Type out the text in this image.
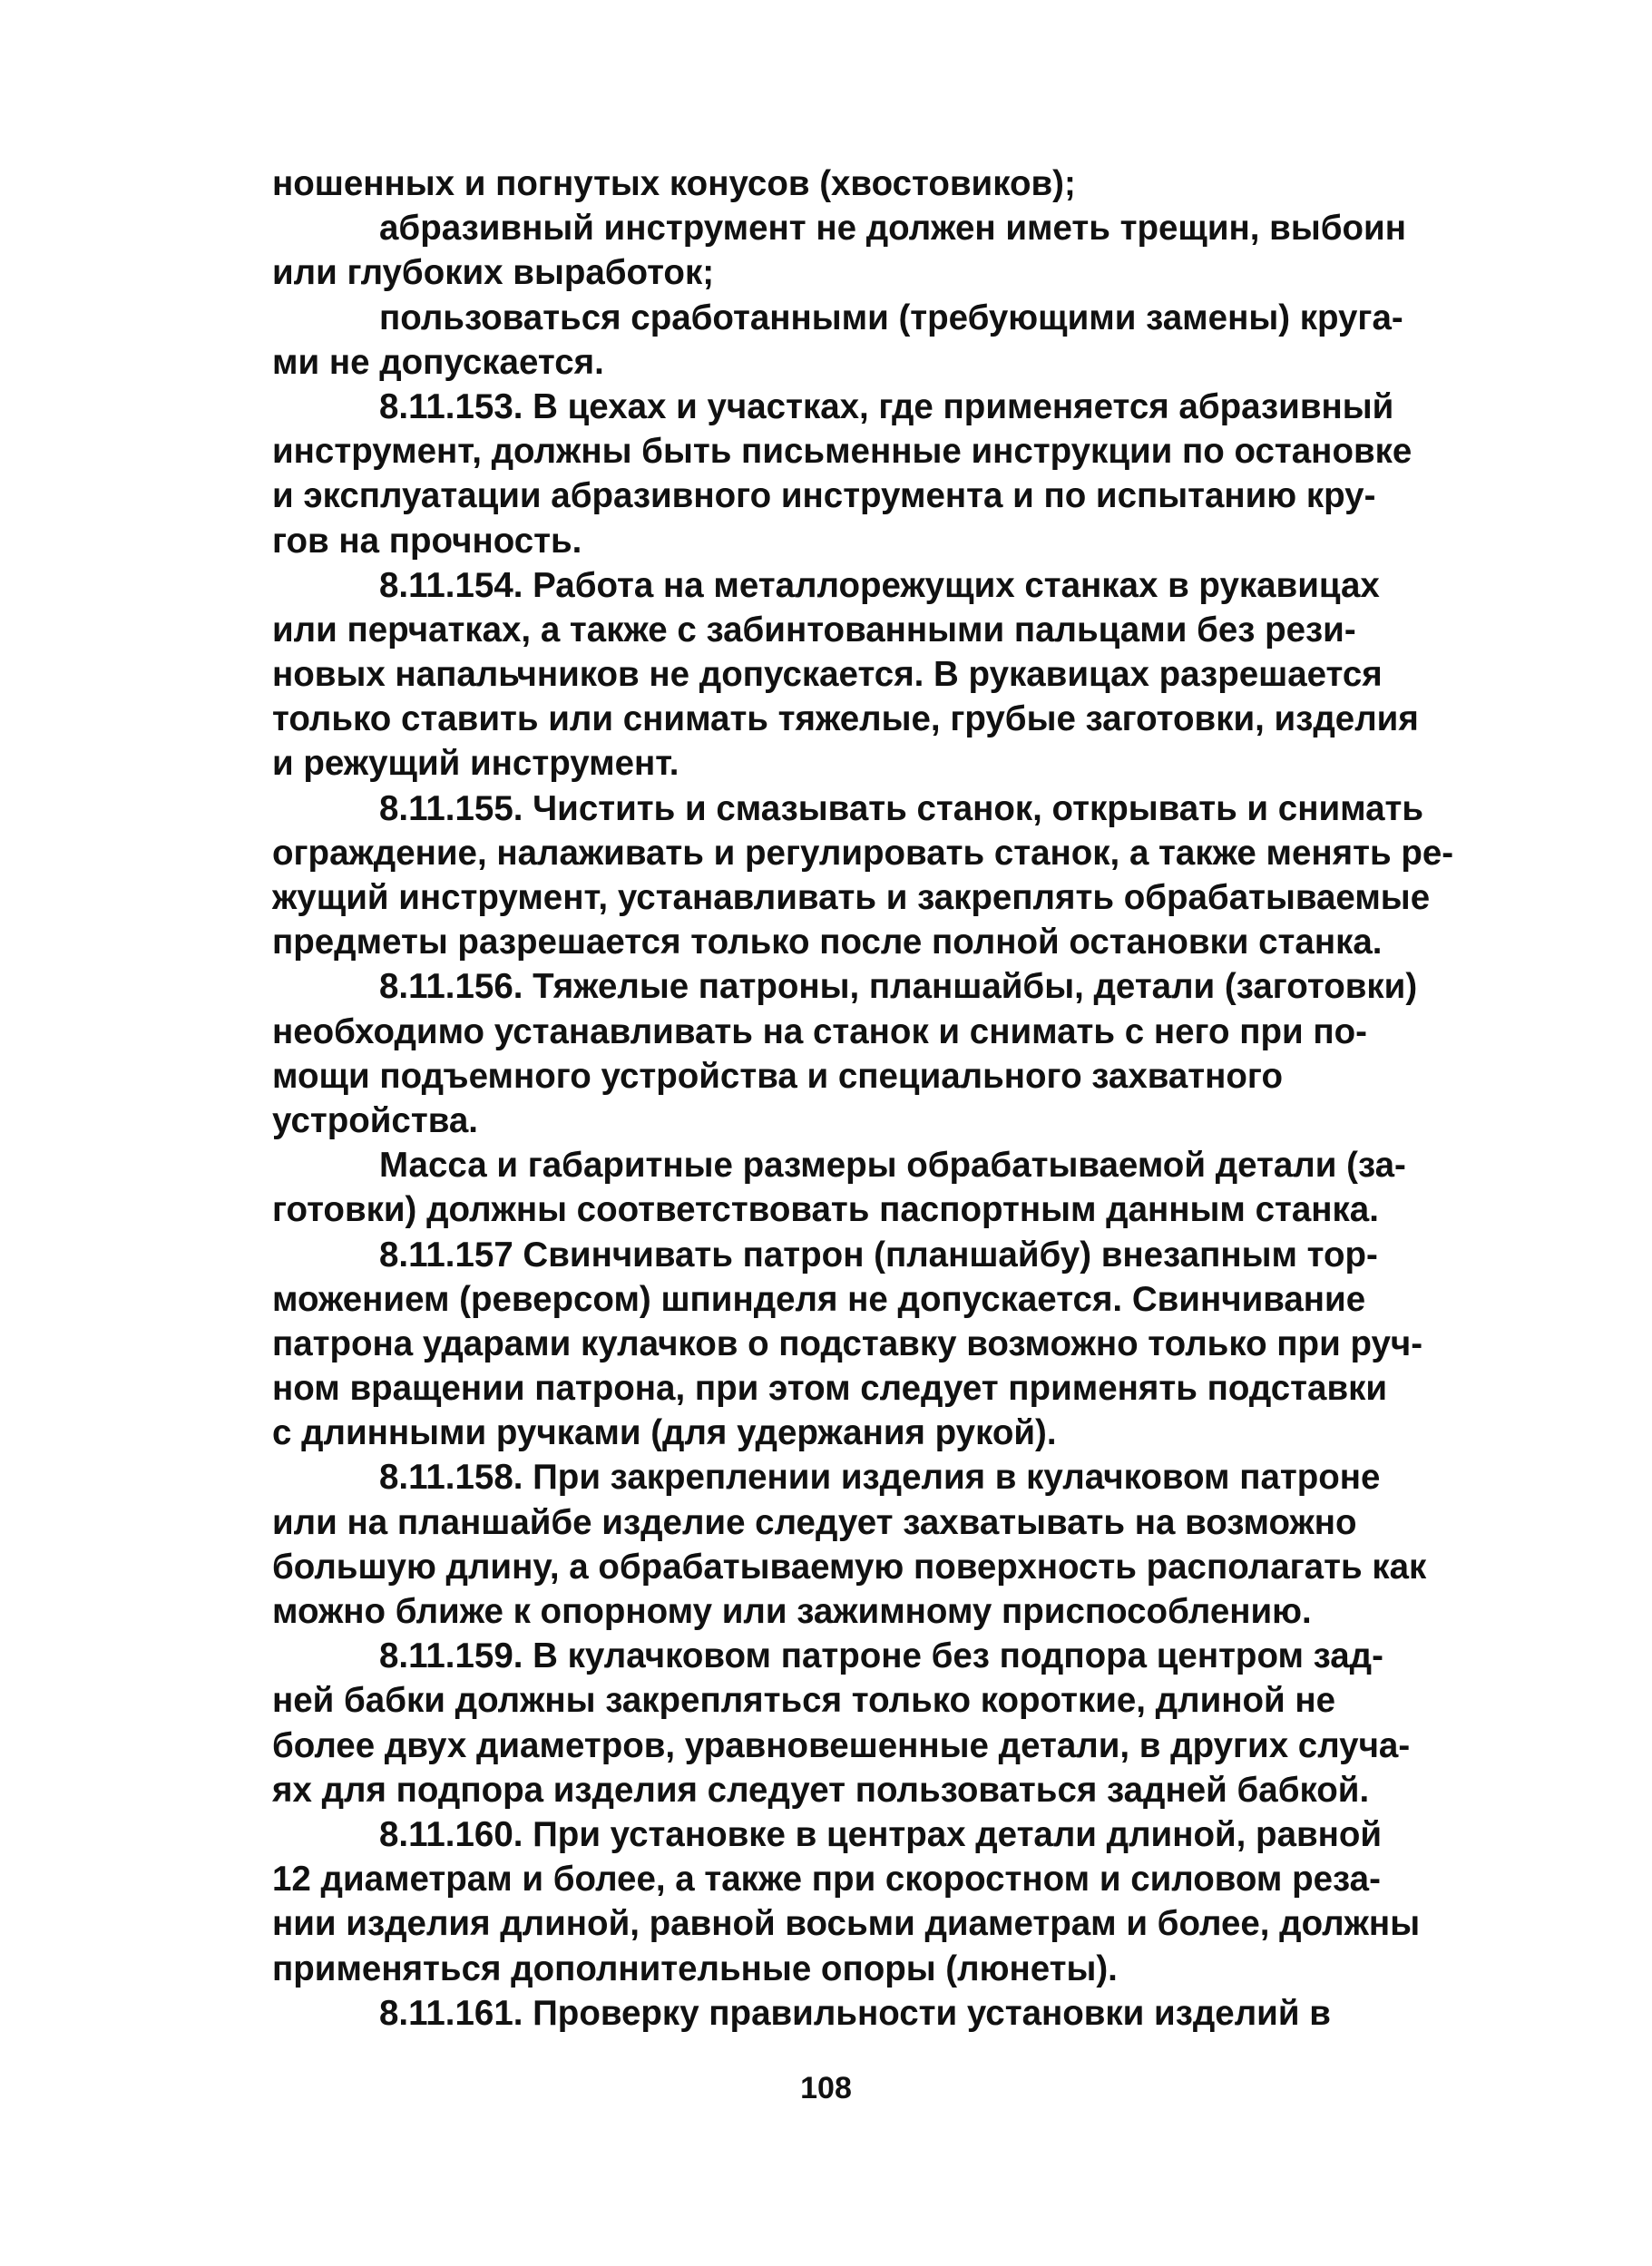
ношенных и погнутых конусов (хвостовиков);
абразивный инструмент не должен иметь трещин, выбоин
или глубоких выработок;
пользоваться сработанными (требующими замены) круга-
ми не допускается.
8.11.153. В цехах и участках, где применяется абразивный
инструмент, должны быть письменные инструкции по остановке
и эксплуатации абразивного инструмента и по испытанию кру-
гов на прочность.
8.11.154. Работа на металлорежущих станках в рукавицах
или перчатках, а также с забинтованными пальцами без рези-
новых напальчников не допускается. В рукавицах разрешается
только ставить или снимать тяжелые, грубые заготовки, изделия
и режущий инструмент.
8.11.155. Чистить и смазывать станок, открывать и снимать
ограждение, налаживать и регулировать станок, а также менять ре-
жущий инструмент, устанавливать и закреплять обрабатываемые
предметы разрешается только после полной остановки станка.
8.11.156. Тяжелые патроны, планшайбы, детали (заготовки)
необходимо устанавливать на станок и снимать с него при по-
мощи подъемного устройства и специального захватного
устройства.
Масса и габаритные размеры обрабатываемой детали (за-
готовки) должны соответствовать паспортным данным станка.
8.11.157 Свинчивать патрон (планшайбу) внезапным тор-
можением (реверсом) шпинделя не допускается. Свинчивание
патрона ударами кулачков о подставку возможно только при руч-
ном вращении патрона, при этом следует применять подставки
с длинными ручками (для удержания рукой).
8.11.158. При закреплении изделия в кулачковом патроне
или на планшайбе изделие следует захватывать на возможно
большую длину, а обрабатываемую поверхность располагать как
можно ближе к опорному или зажимному приспособлению.
8.11.159. В кулачковом патроне без подпора центром зад-
ней бабки должны закрепляться только короткие, длиной не
более двух диаметров, уравновешенные детали, в других случа-
ях для подпора изделия следует пользоваться задней бабкой.
8.11.160. При установке в центрах детали длиной, равной
12 диаметрам и более, а также при скоростном и силовом реза-
нии изделия длиной, равной восьми диаметрам и более, должны
применяться дополнительные опоры (люнеты).
8.11.161. Проверку правильности установки изделий в
108
